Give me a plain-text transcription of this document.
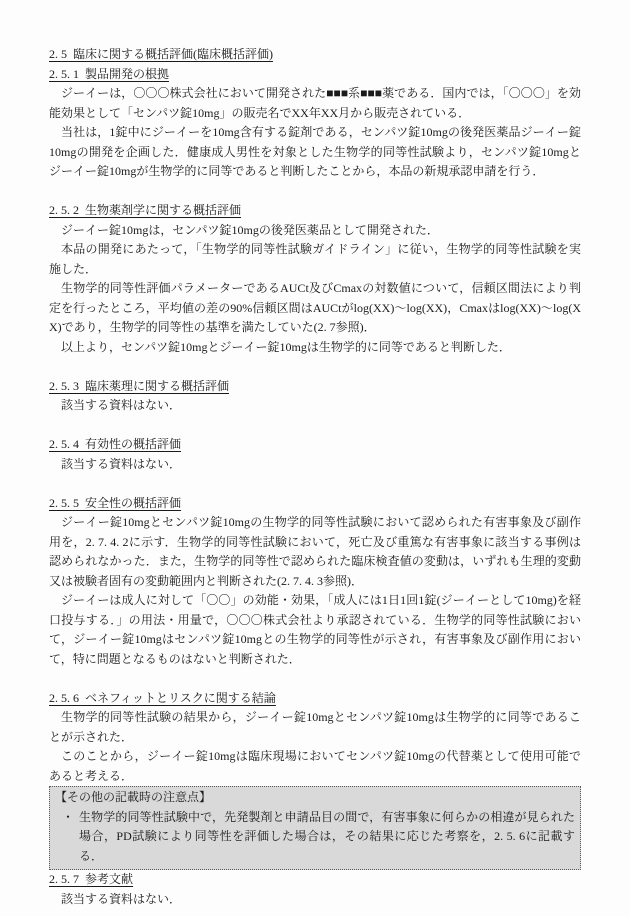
2. 5  臨床に関する概括評価(臨床概括評価)
2. 5. 1  製品開発の根拠

ジーイーは，〇〇〇株式会社において開発された■■■系■■■薬である．国内では，「〇〇〇」を効能効果として「センパツ錠10mg」の販売名でXX年XX月から販売されている．

当社は，1錠中にジーイーを10mg含有する錠剤である，センパツ錠10mgの後発医薬品ジーイー錠10mgの開発を企画した．健康成人男性を対象とした生物学的同等性試験より，センパツ錠10mgとジーイー錠10mgが生物学的に同等であると判断したことから，本品の新規承認申請を行う．

2. 5. 2  生物薬剤学に関する概括評価

ジーイー錠10mgは，センパツ錠10mgの後発医薬品として開発された．

本品の開発にあたって，「生物学的同等性試験ガイドライン」に従い，生物学的同等性試験を実施した．

生物学的同等性評価パラメーターであるAUCt及びCmaxの対数値について，信頼区間法により判定を行ったところ，平均値の差の90%信頼区間はAUCtがlog(XX)～log(XX)，Cmaxはlog(XX)～log(XX)であり，生物学的同等性の基準を満たしていた(2. 7参照)．

以上より，センパツ錠10mgとジーイー錠10mgは生物学的に同等であると判断した．

2. 5. 3  臨床薬理に関する概括評価

該当する資料はない．

2. 5. 4  有効性の概括評価

該当する資料はない．

2. 5. 5  安全性の概括評価

ジーイー錠10mgとセンパツ錠10mgの生物学的同等性試験において認められた有害事象及び副作用を，2. 7. 4. 2に示す．生物学的同等性試験において，死亡及び重篤な有害事象に該当する事例は認められなかった．また，生物学的同等性で認められた臨床検査値の変動は，いずれも生理的変動又は被験者固有の変動範囲内と判断された(2. 7. 4. 3参照)．

ジーイーは成人に対して「〇〇」の効能・効果，「成人には1日1回1錠(ジーイーとして10mg)を経口投与する．」の用法・用量で，〇〇〇株式会社より承認されている．生物学的同等性試験において，ジーイー錠10mgはセンパツ錠10mgとの生物学的同等性が示され，有害事象及び副作用において，特に問題となるものはないと判断された．

2. 5. 6  ベネフィットとリスクに関する結論

生物学的同等性試験の結果から，ジーイー錠10mgとセンパツ錠10mgは生物学的に同等であることが示された．

このことから，ジーイー錠10mgは臨床現場においてセンパツ錠10mgの代替薬として使用可能であると考える．

【その他の記載時の注意点】
・ 生物学的同等性試験中で，先発製剤と申請品目の間で，有害事象に何らかの相違が見られた場合，PD試験により同等性を評価した場合は，その結果に応じた考察を，2. 5. 6に記載する．
2. 5. 7  参考文献

該当する資料はない．
